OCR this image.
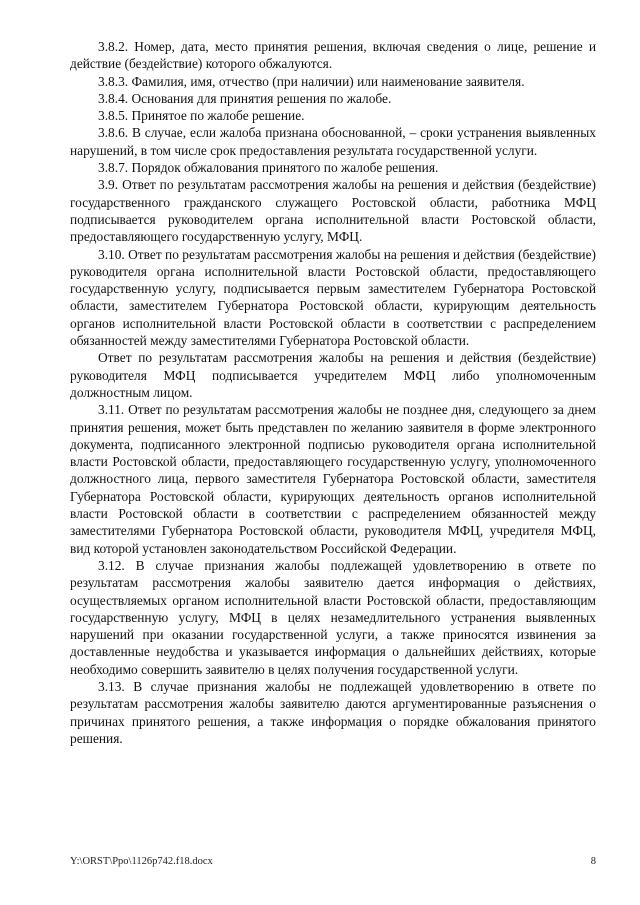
3.8.2. Номер, дата, место принятия решения, включая сведения о лице, решение и действие (бездействие) которого обжалуются.

3.8.3. Фамилия, имя, отчество (при наличии) или наименование заявителя.

3.8.4. Основания для принятия решения по жалобе.

3.8.5. Принятое по жалобе решение.

3.8.6. В случае, если жалоба признана обоснованной, – сроки устранения выявленных нарушений, в том числе срок предоставления результата государственной услуги.

3.8.7. Порядок обжалования принятого по жалобе решения.

3.9. Ответ по результатам рассмотрения жалобы на решения и действия (бездействие) государственного гражданского служащего Ростовской области, работника МФЦ подписывается руководителем органа исполнительной власти Ростовской области, предоставляющего государственную услугу, МФЦ.

3.10. Ответ по результатам рассмотрения жалобы на решения и действия (бездействие) руководителя органа исполнительной власти Ростовской области, предоставляющего государственную услугу, подписывается первым заместителем Губернатора Ростовской области, заместителем Губернатора Ростовской области, курирующим деятельность органов исполнительной власти Ростовской области в соответствии с распределением обязанностей между заместителями Губернатора Ростовской области.

Ответ по результатам рассмотрения жалобы на решения и действия (бездействие) руководителя МФЦ подписывается учредителем МФЦ либо уполномоченным должностным лицом.

3.11. Ответ по результатам рассмотрения жалобы не позднее дня, следующего за днем принятия решения, может быть представлен по желанию заявителя в форме электронного документа, подписанного электронной подписью руководителя органа исполнительной власти Ростовской области, предоставляющего государственную услугу, уполномоченного должностного лица, первого заместителя Губернатора Ростовской области, заместителя Губернатора Ростовской области, курирующих деятельность органов исполнительной власти Ростовской области в соответствии с распределением обязанностей между заместителями Губернатора Ростовской области, руководителя МФЦ, учредителя МФЦ, вид которой установлен законодательством Российской Федерации.

3.12. В случае признания жалобы подлежащей удовлетворению в ответе по результатам рассмотрения жалобы заявителю дается информация о действиях, осуществляемых органом исполнительной власти Ростовской области, предоставляющим государственную услугу, МФЦ в целях незамедлительного устранения выявленных нарушений при оказании государственной услуги, а также приносятся извинения за доставленные неудобства и указывается информация о дальнейших действиях, которые необходимо совершить заявителю в целях получения государственной услуги.

3.13. В случае признания жалобы не подлежащей удовлетворению в ответе по результатам рассмотрения жалобы заявителю даются аргументированные разъяснения о причинах принятого решения, а также информация о порядке обжалования принятого решения.

Y:\ORST\Ppo\1126p742.f18.docx	8
